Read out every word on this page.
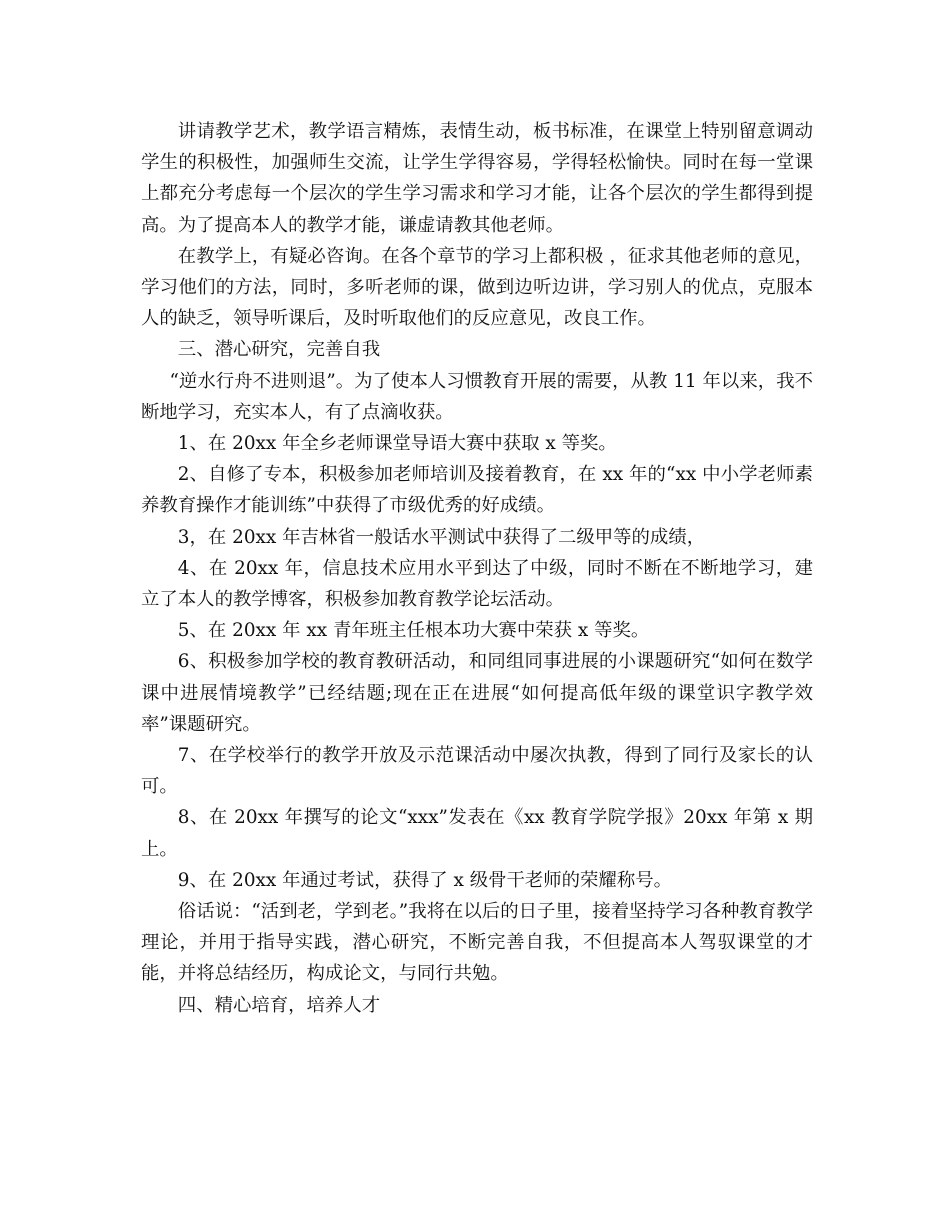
讲请教学艺术，教学语言精炼，表情生动，板书标准，在课堂上特别留意调动学生的积极性，加强师生交流，让学生学得容易，学得轻松愉快。同时在每一堂课上都充分考虑每一个层次的学生学习需求和学习才能，让各个层次的学生都得到提高。为了提高本人的教学才能，谦虚请教其他老师。

在教学上，有疑必咨询。在各个章节的学习上都积极 ，征求其他老师的意见，学习他们的方法，同时，多听老师的课，做到边听边讲，学习别人的优点，克服本人的缺乏，领导听课后，及时听取他们的反应意见，改良工作。

三、潜心研究，完善自我

“逆水行舟不进则退”。为了使本人习惯教育开展的需要，从教 11 年以来，我不断地学习，充实本人，有了点滴收获。

1、在 20xx 年全乡老师课堂导语大赛中获取 x 等奖。

2、自修了专本，积极参加老师培训及接着教育，在 xx 年的“xx 中小学老师素养教育操作才能训练”中获得了市级优秀的好成绩。

3，在 20xx 年吉林省一般话水平测试中获得了二级甲等的成绩，

4、在 20xx 年，信息技术应用水平到达了中级，同时不断在不断地学习，建立了本人的教学博客，积极参加教育教学论坛活动。

5、在 20xx 年 xx 青年班主任根本功大赛中荣获 x 等奖。

6、积极参加学校的教育教研活动，和同组同事进展的小课题研究“如何在数学课中进展情境教学”已经结题;现在正在进展“如何提高低年级的课堂识字教学效率”课题研究。

7、在学校举行的教学开放及示范课活动中屡次执教，得到了同行及家长的认可。

8、在 20xx 年撰写的论文“xxx”发表在《xx 教育学院学报》20xx 年第 x 期上。

9、在 20xx 年通过考试，获得了 x 级骨干老师的荣耀称号。

俗话说：“活到老，学到老。”我将在以后的日子里，接着坚持学习各种教育教学理论，并用于指导实践，潜心研究，不断完善自我，不但提高本人驾驭课堂的才能，并将总结经历，构成论文，与同行共勉。

四、精心培育，培养人才
